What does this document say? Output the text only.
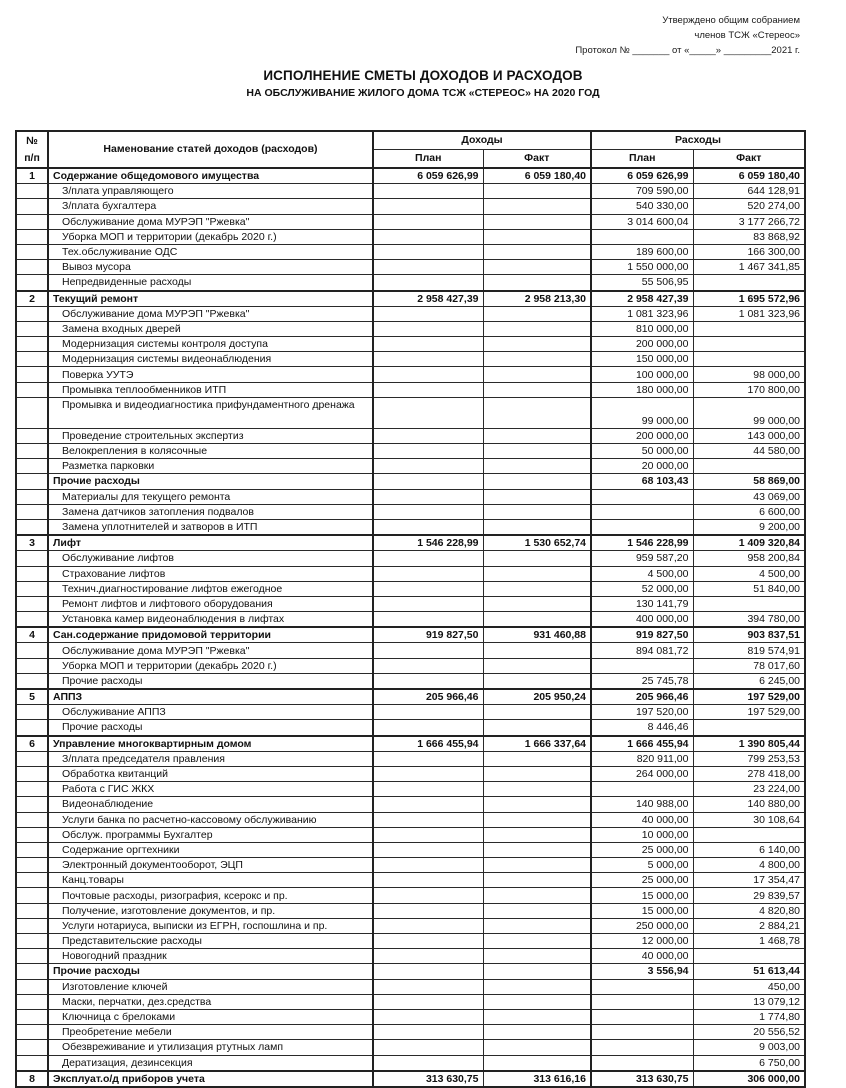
Утверждено общим собранием
членов ТСЖ «Стереос»
Протокол № _______ от «_____» _________2021 г.
ИСПОЛНЕНИЕ СМЕТЫ ДОХОДОВ И РАСХОДОВ
НА ОБСЛУЖИВАНИЕ ЖИЛОГО ДОМА ТСЖ «СТЕРЕОС» НА 2020 ГОД
№
п/п	Наменование статей доходов (расходов)	Доходы		Расходы	
		План	Факт	План	Факт
1	Содержание общедомового имущества	6 059 626,99	6 059 180,40	6 059 626,99	6 059 180,40
	З/плата управляющего			709 590,00	644 128,91
	З/плата бухгалтера			540 330,00	520 274,00
	Обслуживание дома МУРЭП "Ржевка"			3 014 600,04	3 177 266,72
	Уборка МОП и территории (декабрь 2020 г.)				83 868,92
	Тех.обслуживание ОДС			189 600,00	166 300,00
	Вывоз мусора			1 550 000,00	1 467 341,85
	Непредвиденные расходы			55 506,95	
2	Текущий ремонт	2 958 427,39	2 958 213,30	2 958 427,39	1 695 572,96
	Обслуживание дома МУРЭП "Ржевка"			1 081 323,96	1 081 323,96
	Замена входных дверей			810 000,00	
	Модернизация системы контроля доступа			200 000,00	
	Модернизация системы видеонаблюдения			150 000,00	
	Поверка УУТЭ			100 000,00	98 000,00
	Промывка теплообменников ИТП			180 000,00	170 800,00
	Промывка и видеодиагностика прифундаментного дренажа			99 000,00	99 000,00
	Проведение строительных экспертиз			200 000,00	143 000,00
	Велокрепления в колясочные			50 000,00	44 580,00
	Разметка парковки			20 000,00	
	Прочие расходы			68 103,43	58 869,00
	Материалы для текущего ремонта				43 069,00
	Замена датчиков затопления подвалов				6 600,00
	Замена уплотнителей и затворов в ИТП				9 200,00
3	Лифт	1 546 228,99	1 530 652,74	1 546 228,99	1 409 320,84
	Обслуживание лифтов			959 587,20	958 200,84
	Страхование лифтов			4 500,00	4 500,00
	Технич.диагностирование лифтов ежегодное			52 000,00	51 840,00
	Ремонт лифтов и лифтового оборудования			130 141,79	
	Установка камер видеонаблюдения в лифтах			400 000,00	394 780,00
4	Сан.содержание придомовой территории	919 827,50	931 460,88	919 827,50	903 837,51
	Обслуживание дома МУРЭП "Ржевка"			894 081,72	819 574,91
	Уборка МОП и территории (декабрь 2020 г.)				78 017,60
	Прочие расходы			25 745,78	6 245,00
5	АППЗ	205 966,46	205 950,24	205 966,46	197 529,00
	Обслуживание АППЗ			197 520,00	197 529,00
	Прочие расходы			8 446,46	
6	Управление многоквартирным домом	1 666 455,94	1 666 337,64	1 666 455,94	1 390 805,44
	З/плата председателя правления			820 911,00	799 253,53
	Обработка квитанций			264 000,00	278 418,00
	Работа с ГИС ЖКХ				23 224,00
	Видеонаблюдение			140 988,00	140 880,00
	Услуги банка по расчетно-кассовому обслуживанию			40 000,00	30 108,64
	Обслуж. программы Бухгалтер			10 000,00	
	Содержание оргтехники			25 000,00	6 140,00
	Электронный документооборот, ЭЦП			5 000,00	4 800,00
	Канц.товары			25 000,00	17 354,47
	Почтовые расходы, ризография, ксерокс и пр.			15 000,00	29 839,57
	Получение, изготовление документов, и пр.			15 000,00	4 820,80
	Услуги нотариуса, выписки из ЕГРН, госпошлина и пр.			250 000,00	2 884,21
	Представительские расходы			12 000,00	1 468,78
	Новогодний праздник			40 000,00	
	Прочие расходы			3 556,94	51 613,44
	Изготовление ключей				450,00
	Маски, перчатки, дез.средства				13 079,12
	Ключница с брелоками				1 774,80
	Преобретение мебели				20 556,52
	Обезвреживание и утилизация ртутных ламп				9 003,00
	Дератизация, дезинсекция				6 750,00
8	Эксплуат.о/д приборов учета	313 630,75	313 616,16	313 630,75	306 000,00
